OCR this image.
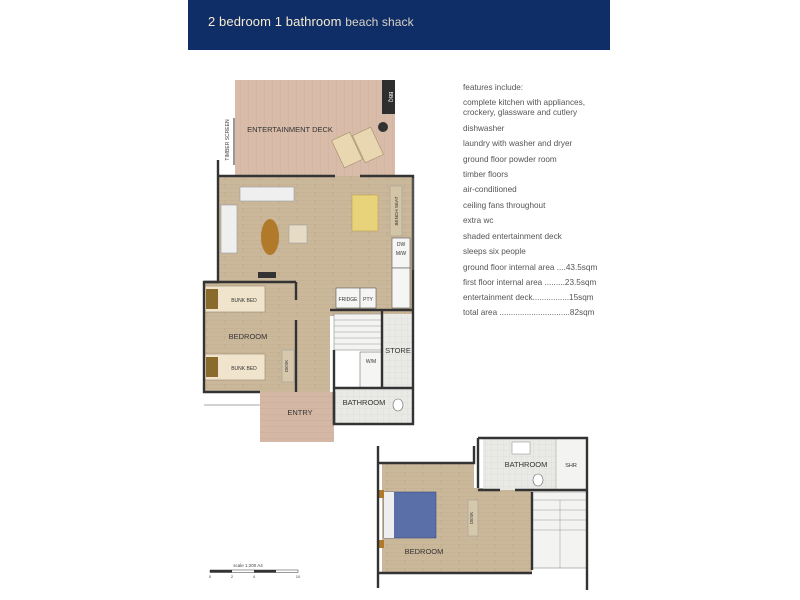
2 bedroom 1 bathroom beach shack
BBQ
ENTERTAINMENT DECK
TIMBER SCREEN
BENCH SEAT
DW
M/W
FRIDGE PTY
BUNK BED
BUNK BED
BEDROOM
DESK
STORE
W/M
BATHROOM
ENTRY
SHR
BATHROOM
DESK
BEDROOM
features include:
complete kitchen with appliances, crockery, glassware and cutlery
dishwasher
laundry with washer and dryer
ground floor powder room
timber floors
air-conditioned
ceiling fans throughout
extra wc
shaded entertainment deck
sleeps six people
ground floor internal area ....43.5sqm
first floor internal area .........23.5sqm
entertainment deck................15sqm
total area ...............................82sqm
scale 1:200 A4
0	2	4	10
